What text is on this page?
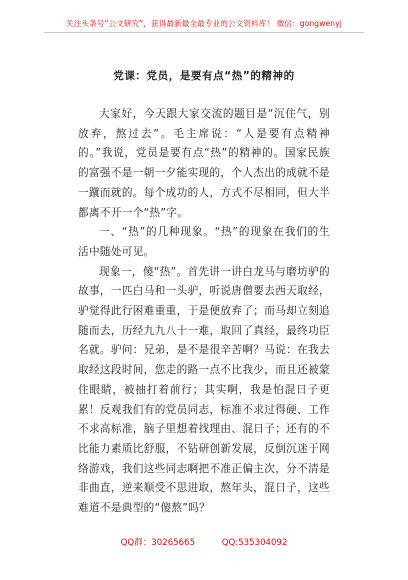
关注头条号“公文研究”，获得最新最全最专业的公文资料库！ 微信：gongwenyj
党课：党员，是要有点“热”的精神的

大家好，今天跟大家交流的题目是“沉住气，别放弃，熬过去”。毛主席说：“人是要有点精神的。”我说，党员是要有点“热”的精神的。国家民族的富强不是一朝一夕能实现的，个人杰出的成就不是一蹴而就的。每个成功的人，方式不尽相同，但大半都离不开一个“热”字。

一、“热”的几种现象。“热”的现象在我们的生活中随处可见。

现象一，傻“热”。首先讲一讲白龙马与磨坊驴的故事，一匹白马和一头驴，听说唐僧要去西天取经，驴觉得此行困难重重，于是便放弃了；而马却立刻追随而去，历经九九八十一难，取回了真经，最终功臣名就。驴问：兄弟，是不是很辛苦啊？马说：在我去取经这段时间，您走的路一点不比我少，而且还被蒙住眼睛，被抽打着前行；其实啊，我是怕混日子更累！反观我们有的党员同志，标准不求过得硬、工作不求高标准，脑子里想着找理由、混日子；还有的不比能力素质比舒服，不钻研创新发展，反倒沉迷于网络游戏，我们这些同志啊把不准正偏主次，分不清是非曲直，逆来顺受不思进取，熬年头，混日子，这些难道不是典型的“傻熬”吗？

QQ群：30265665	QQ:535304092
